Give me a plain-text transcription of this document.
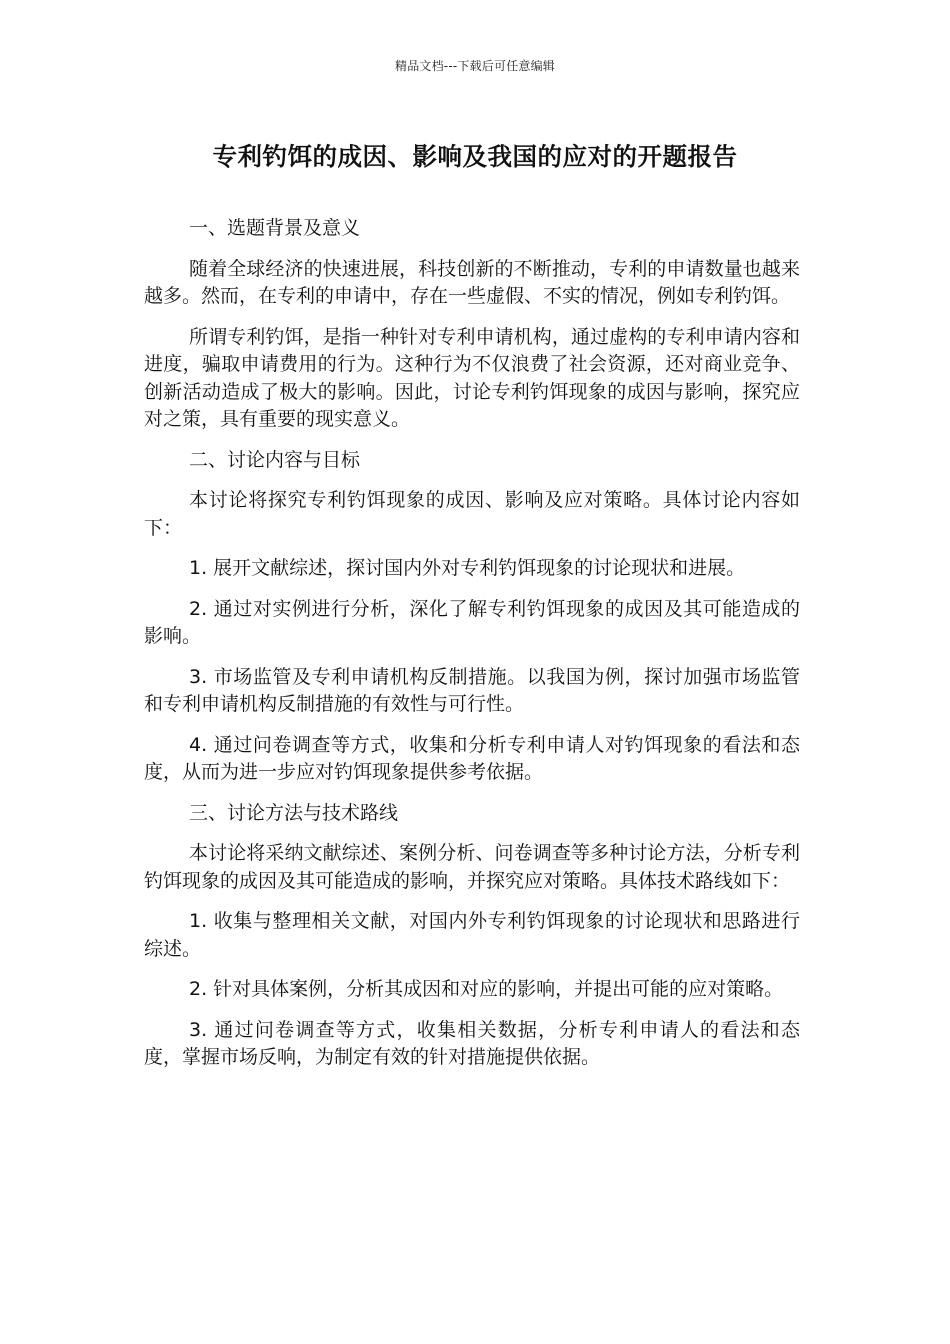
精品文档---下载后可任意编辑
专利钓饵的成因、影响及我国的应对的开题报告

一、选题背景及意义

随着全球经济的快速进展，科技创新的不断推动，专利的申请数量也越来越多。然而，在专利的申请中，存在一些虚假、不实的情况，例如专利钓饵。

所谓专利钓饵，是指一种针对专利申请机构，通过虚构的专利申请内容和进度，骗取申请费用的行为。这种行为不仅浪费了社会资源，还对商业竞争、创新活动造成了极大的影响。因此，讨论专利钓饵现象的成因与影响，探究应对之策，具有重要的现实意义。

二、讨论内容与目标

本讨论将探究专利钓饵现象的成因、影响及应对策略。具体讨论内容如下：

1. 展开文献综述，探讨国内外对专利钓饵现象的讨论现状和进展。

2. 通过对实例进行分析，深化了解专利钓饵现象的成因及其可能造成的影响。

3. 市场监管及专利申请机构反制措施。以我国为例，探讨加强市场监管和专利申请机构反制措施的有效性与可行性。

4. 通过问卷调查等方式，收集和分析专利申请人对钓饵现象的看法和态度，从而为进一步应对钓饵现象提供参考依据。

三、讨论方法与技术路线

本讨论将采纳文献综述、案例分析、问卷调查等多种讨论方法，分析专利钓饵现象的成因及其可能造成的影响，并探究应对策略。具体技术路线如下：

1. 收集与整理相关文献，对国内外专利钓饵现象的讨论现状和思路进行综述。

2. 针对具体案例，分析其成因和对应的影响，并提出可能的应对策略。

3. 通过问卷调查等方式，收集相关数据，分析专利申请人的看法和态度，掌握市场反响，为制定有效的针对措施提供依据。
